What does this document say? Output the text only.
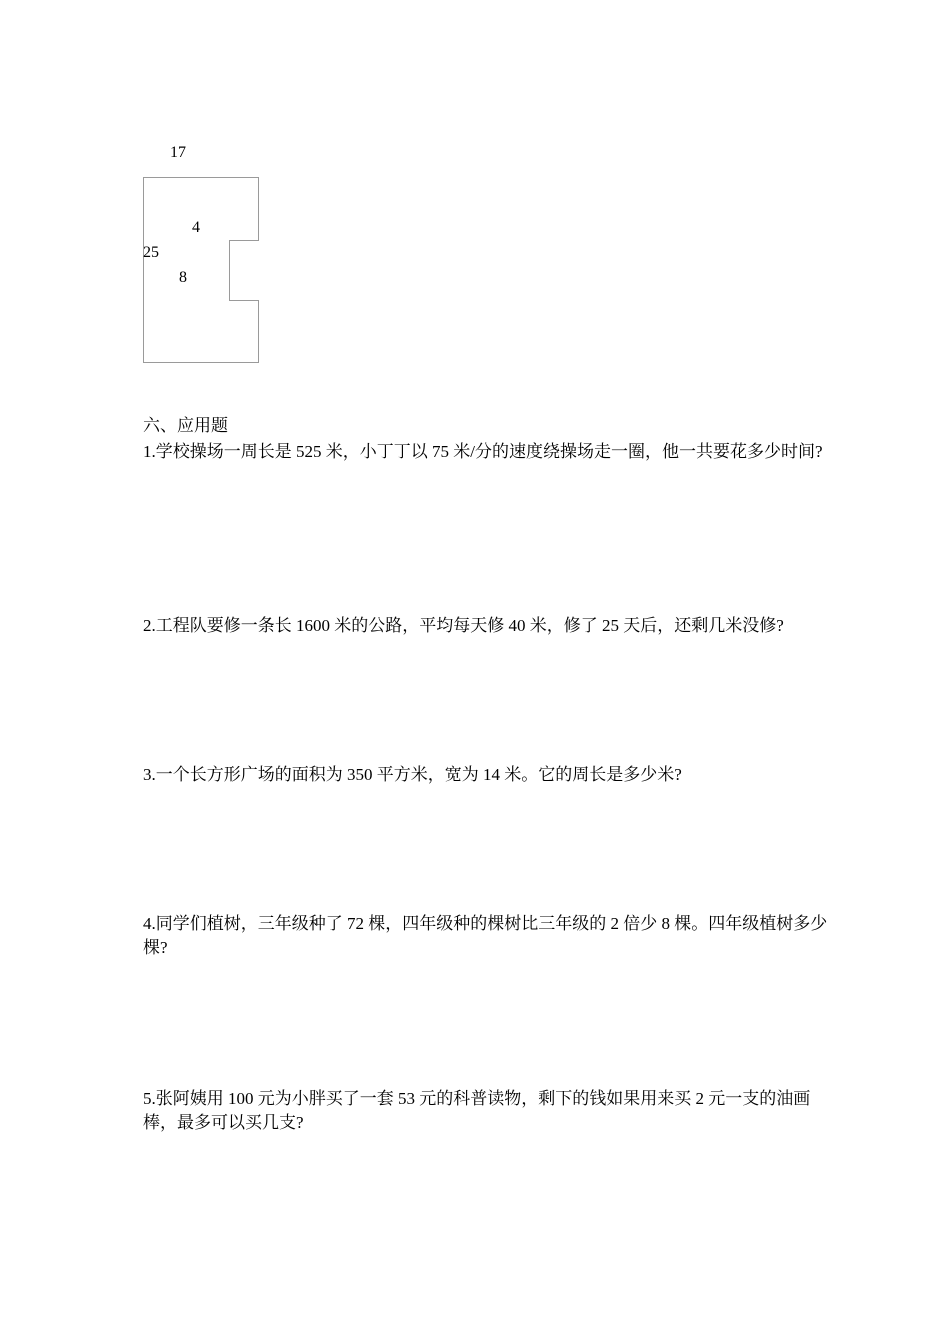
17
4
25
8
六、应用题

1.学校操场一周长是 525 米，小丁丁以 75 米/分的速度绕操场走一圈，他一共要花多少时间?

2.工程队要修一条长 1600 米的公路，平均每天修 40 米，修了 25 天后，还剩几米没修?

3.一个长方形广场的面积为 350 平方米，宽为 14 米。它的周长是多少米?

4.同学们植树，三年级种了 72 棵，四年级种的棵树比三年级的 2 倍少 8 棵。四年级植树多少棵?

5.张阿姨用 100 元为小胖买了一套 53 元的科普读物，剩下的钱如果用来买 2 元一支的油画棒，最多可以买几支?
